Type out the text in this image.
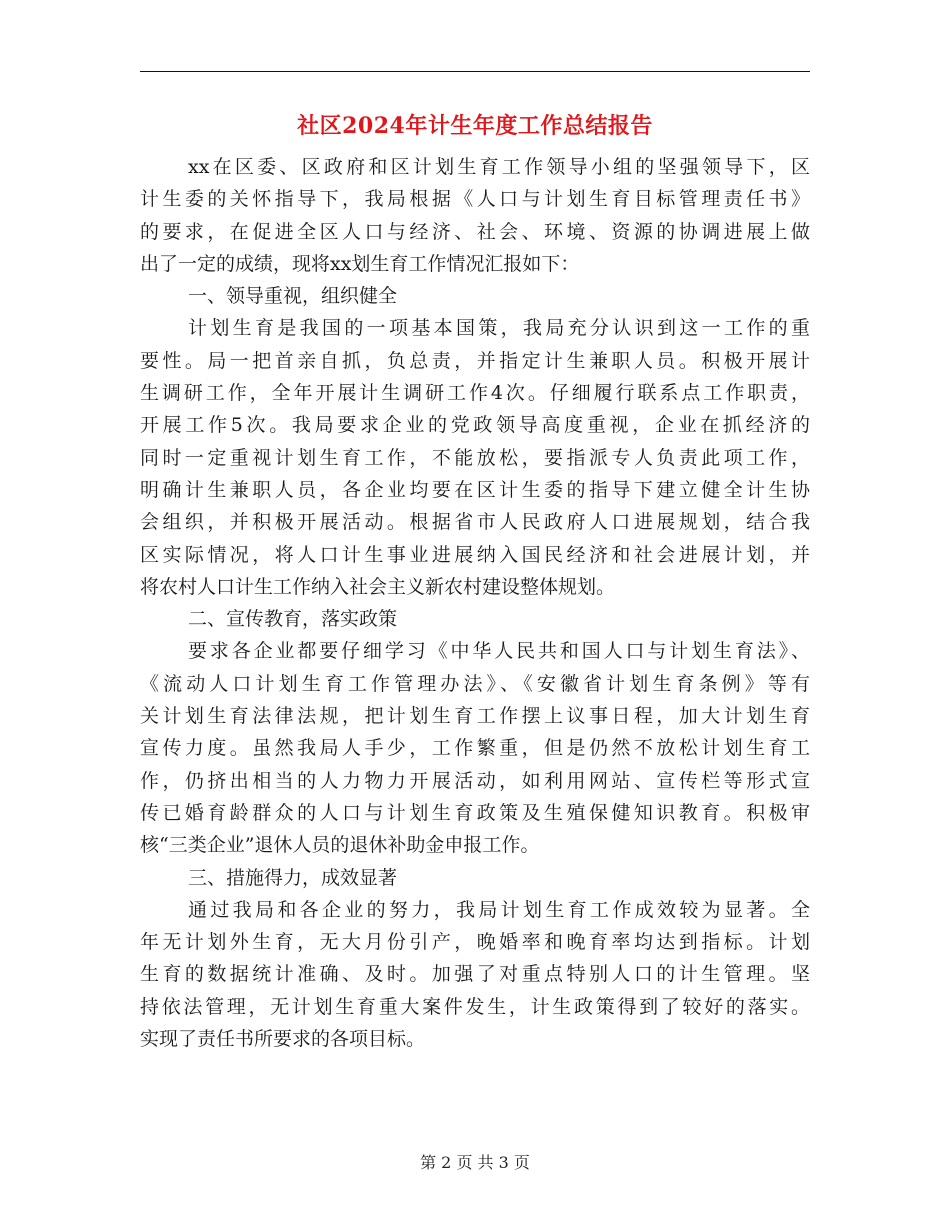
社区2024年计生年度工作总结报告
xx在区委、区政府和区计划生育工作领导小组的坚强领导下，区
计生委的关怀指导下，我局根据《人口与计划生育目标管理责任书》
的要求，在促进全区人口与经济、社会、环境、资源的协调进展上做
出了一定的成绩，现将xx划生育工作情况汇报如下：
一、领导重视，组织健全
计划生育是我国的一项基本国策，我局充分认识到这一工作的重
要性。局一把首亲自抓，负总责，并指定计生兼职人员。积极开展计
生调研工作，全年开展计生调研工作4次。仔细履行联系点工作职责，
开展工作5次。我局要求企业的党政领导高度重视，企业在抓经济的
同时一定重视计划生育工作，不能放松，要指派专人负责此项工作，
明确计生兼职人员，各企业均要在区计生委的指导下建立健全计生协
会组织，并积极开展活动。根据省市人民政府人口进展规划，结合我
区实际情况，将人口计生事业进展纳入国民经济和社会进展计划，并
将农村人口计生工作纳入社会主义新农村建设整体规划。
二、宣传教育，落实政策
要求各企业都要仔细学习《中华人民共和国人口与计划生育法》、
《流动人口计划生育工作管理办法》、《安徽省计划生育条例》等有
关计划生育法律法规，把计划生育工作摆上议事日程，加大计划生育
宣传力度。虽然我局人手少，工作繁重，但是仍然不放松计划生育工
作，仍挤出相当的人力物力开展活动，如利用网站、宣传栏等形式宣
传已婚育龄群众的人口与计划生育政策及生殖保健知识教育。积极审
核“三类企业”退休人员的退休补助金申报工作。
三、措施得力，成效显著
通过我局和各企业的努力，我局计划生育工作成效较为显著。全
年无计划外生育，无大月份引产，晚婚率和晚育率均达到指标。计划
生育的数据统计准确、及时。加强了对重点特别人口的计生管理。坚
持依法管理，无计划生育重大案件发生，计生政策得到了较好的落实。
实现了责任书所要求的各项目标。
第 2 页 共 3 页
